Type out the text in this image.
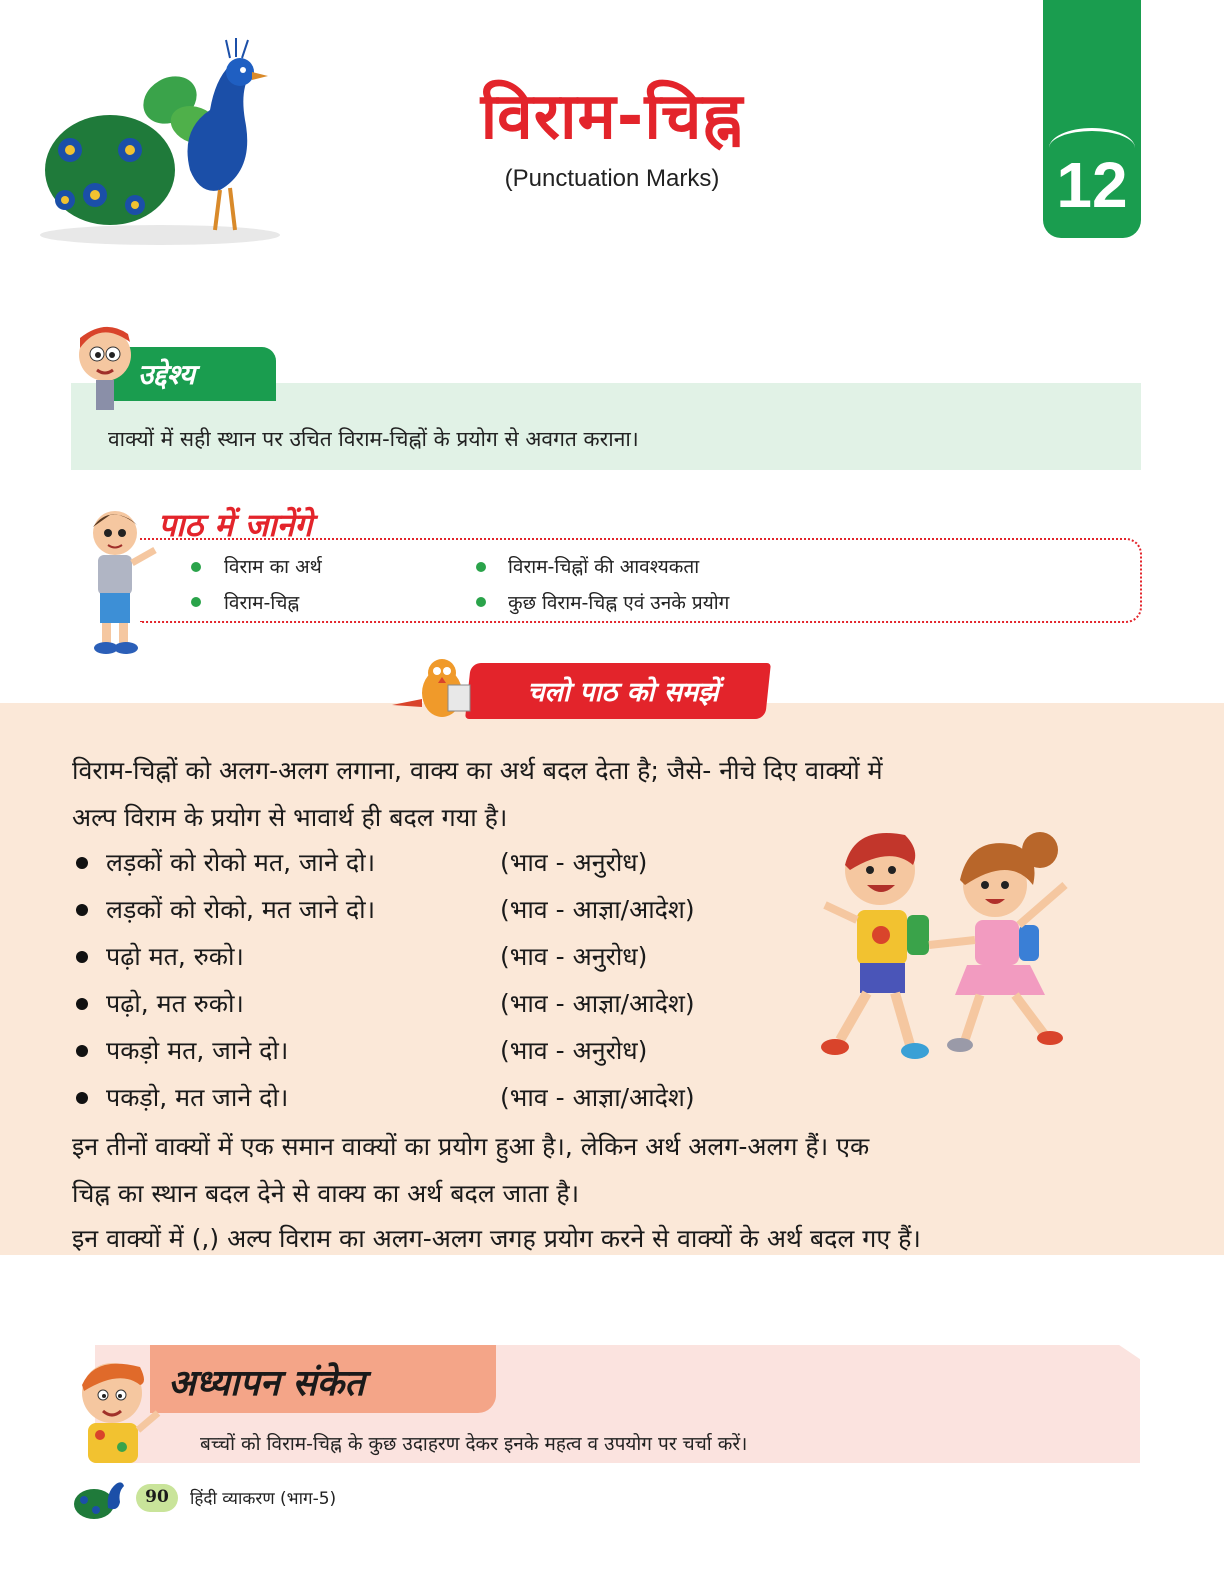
विराम-चिह्न
(Punctuation Marks)	12
उद्देश्य
वाक्यों में सही स्थान पर उचित विराम-चिह्नों के प्रयोग से अवगत कराना।
पाठ में जानेंगे
विराम का अर्थ
विराम-चिह्न
विराम-चिह्नों की आवश्यकता
कुछ विराम-चिह्न एवं उनके प्रयोग
चलो पाठ को समझें
विराम-चिह्नों को अलग-अलग लगाना, वाक्य का अर्थ बदल देता है; जैसे- नीचे दिए वाक्यों में
अल्प विराम के प्रयोग से भावार्थ ही बदल गया है।
लड़कों को रोको मत, जाने दो।	(भाव - अनुरोध)
लड़कों को रोको, मत जाने दो।	(भाव - आज्ञा/आदेश)
पढ़ो मत, रुको।	(भाव - अनुरोध)
पढ़ो, मत रुको।	(भाव - आज्ञा/आदेश)
पकड़ो मत, जाने दो।	(भाव - अनुरोध)
पकड़ो, मत जाने दो।	(भाव - आज्ञा/आदेश)
इन तीनों वाक्यों में एक समान वाक्यों का प्रयोग हुआ है।, लेकिन अर्थ अलग-अलग हैं। एक
चिह्न का स्थान बदल देने से वाक्य का अर्थ बदल जाता है।
इन वाक्यों में (,) अल्प विराम का अलग-अलग जगह प्रयोग करने से वाक्यों के अर्थ बदल गए हैं।
अध्यापन संकेत
बच्चों को विराम-चिह्न के कुछ उदाहरण देकर इनके महत्व व उपयोग पर चर्चा करें।
90	हिंदी व्याकरण (भाग-5)
